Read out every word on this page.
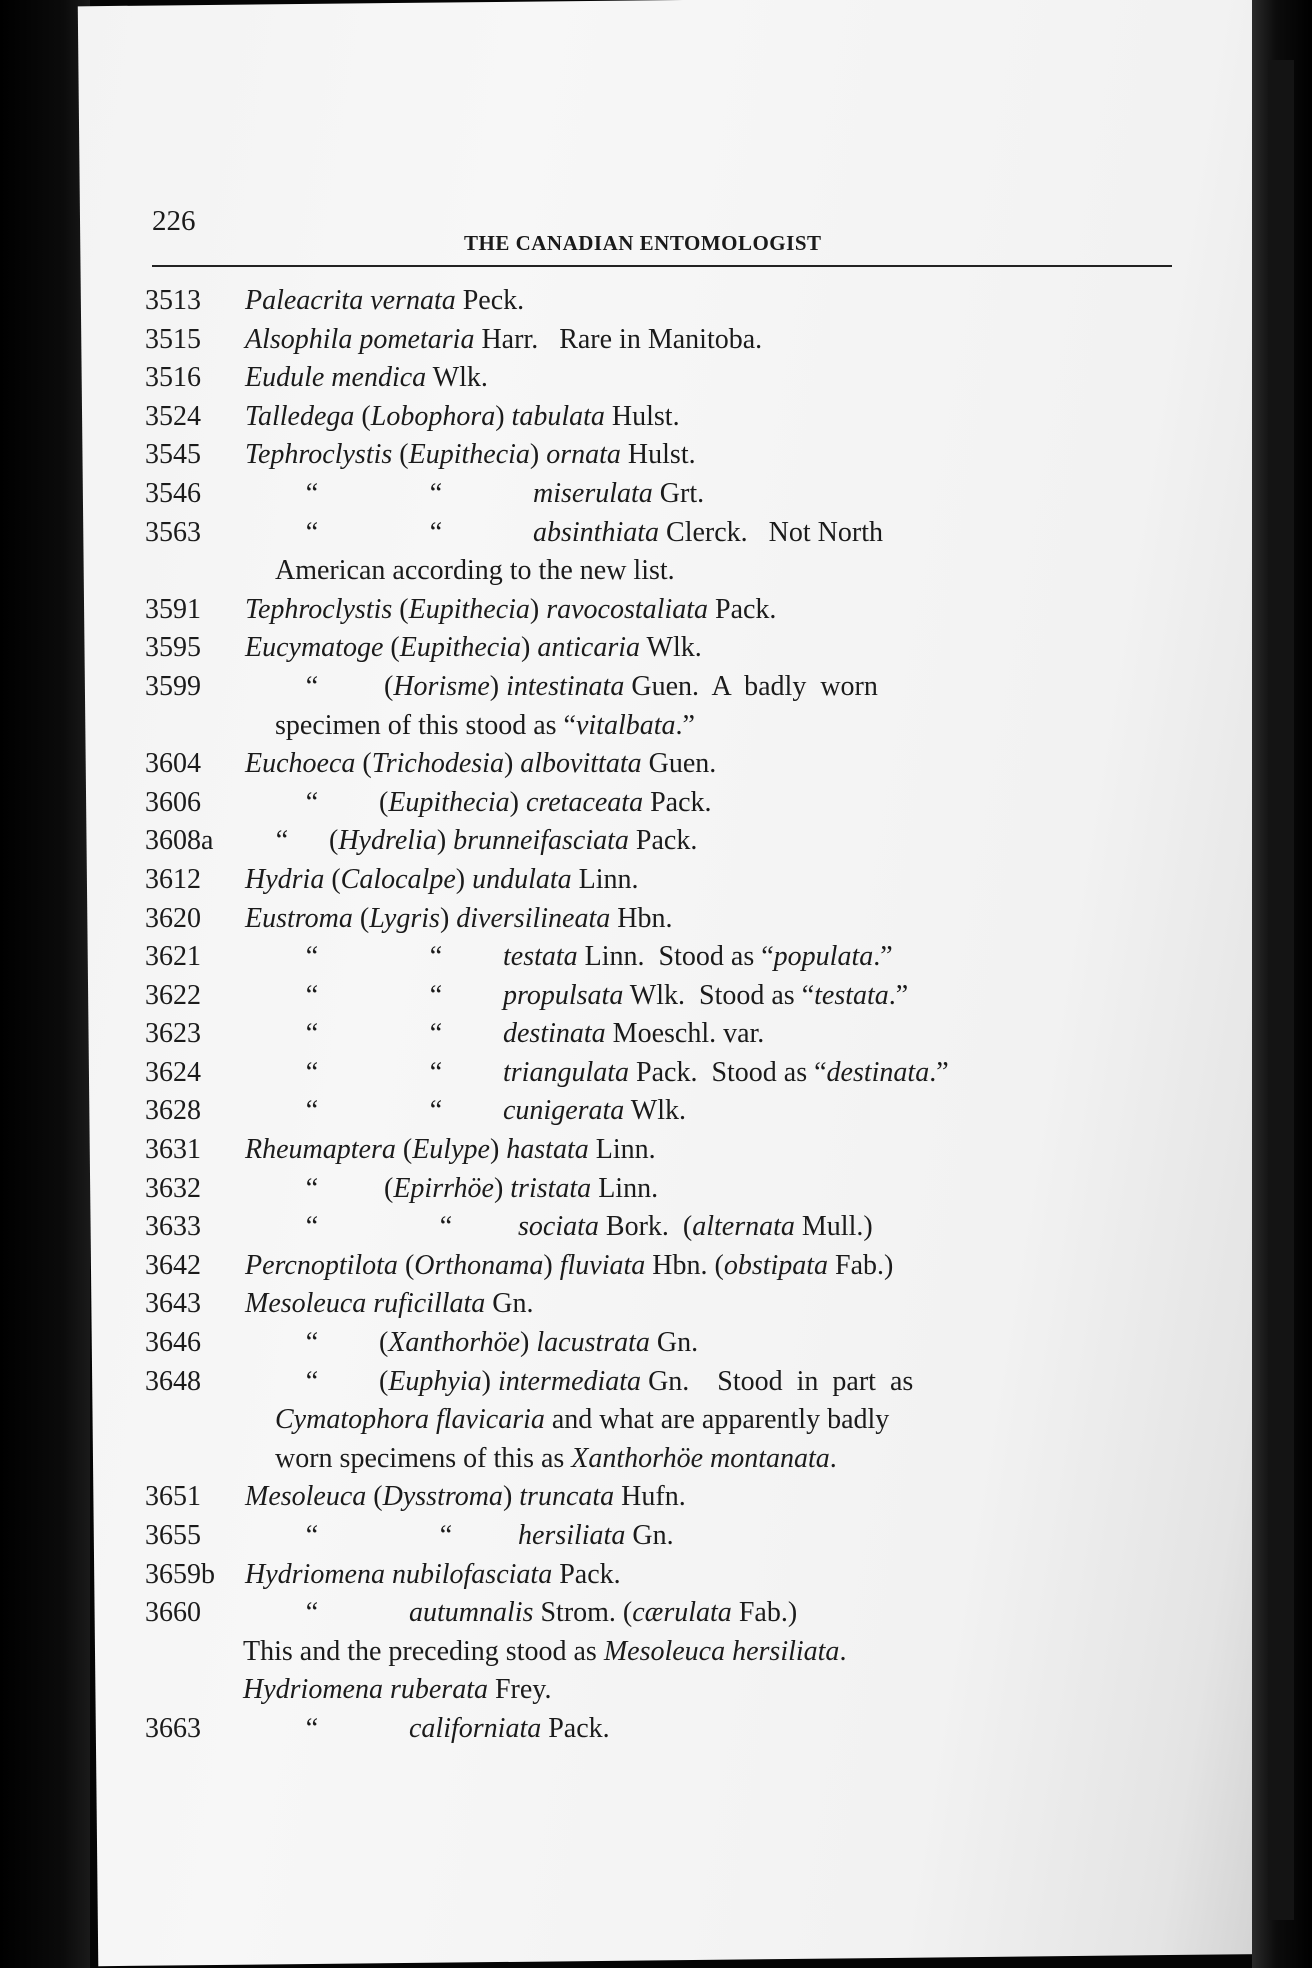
226
THE CANADIAN ENTOMOLOGIST
3513	Paleacrita vernata Peck.
3515	Alsophila pometaria Harr.   Rare in Manitoba.
3516	Eudule mendica Wlk.
3524	Talledega (Lobophora) tabulata Hulst.
3545	Tephroclystis (Eupithecia) ornata Hulst.
3546	“	“	miserulata Grt.
3563	“	“	absinthiata Clerck.   Not North
American according to the new list.
3591	Tephroclystis (Eupithecia) ravocostaliata Pack.
3595	Eucymatoge (Eupithecia) anticaria Wlk.
3599	“ (Horisme) intestinata Guen.  A  badly  worn
specimen of this stood as “vitalbata.”
3604	Euchoeca (Trichodesia) albovittata Guen.
3606	“ (Eupithecia) cretaceata Pack.
3608a	“ (Hydrelia) brunneifasciata Pack.
3612	Hydria (Calocalpe) undulata Linn.
3620	Eustroma (Lygris) diversilineata Hbn.
3621	“	“ testata Linn.  Stood as “populata.”
3622	“	“ propulsata Wlk.  Stood as “testata.”
3623	“	“ destinata Moeschl. var.
3624	“	“ triangulata Pack.  Stood as “destinata.”
3628	“	“ cunigerata Wlk.
3631	Rheumaptera (Eulype) hastata Linn.
3632	“ (Epirrhöe) tristata Linn.
3633	“	“ sociata Bork.  (alternata Mull.)
3642	Percnoptilota (Orthonama) fluviata Hbn. (obstipata Fab.)
3643	Mesoleuca ruficillata Gn.
3646	“ (Xanthorhöe) lacustrata Gn.
3648	“ (Euphyia) intermediata Gn.    Stood  in  part  as
Cymatophora flavicaria and what are apparently badly
worn specimens of this as Xanthorhöe montanata.
3651	Mesoleuca (Dysstroma) truncata Hufn.
3655	“	“ hersiliata Gn.
3659b	Hydriomena nubilofasciata Pack.
3660	“	autumnalis Strom. (cærulata Fab.)
This and the preceding stood as Mesoleuca hersiliata.
Hydriomena ruberata Frey.
3663	“	californiata Pack.
